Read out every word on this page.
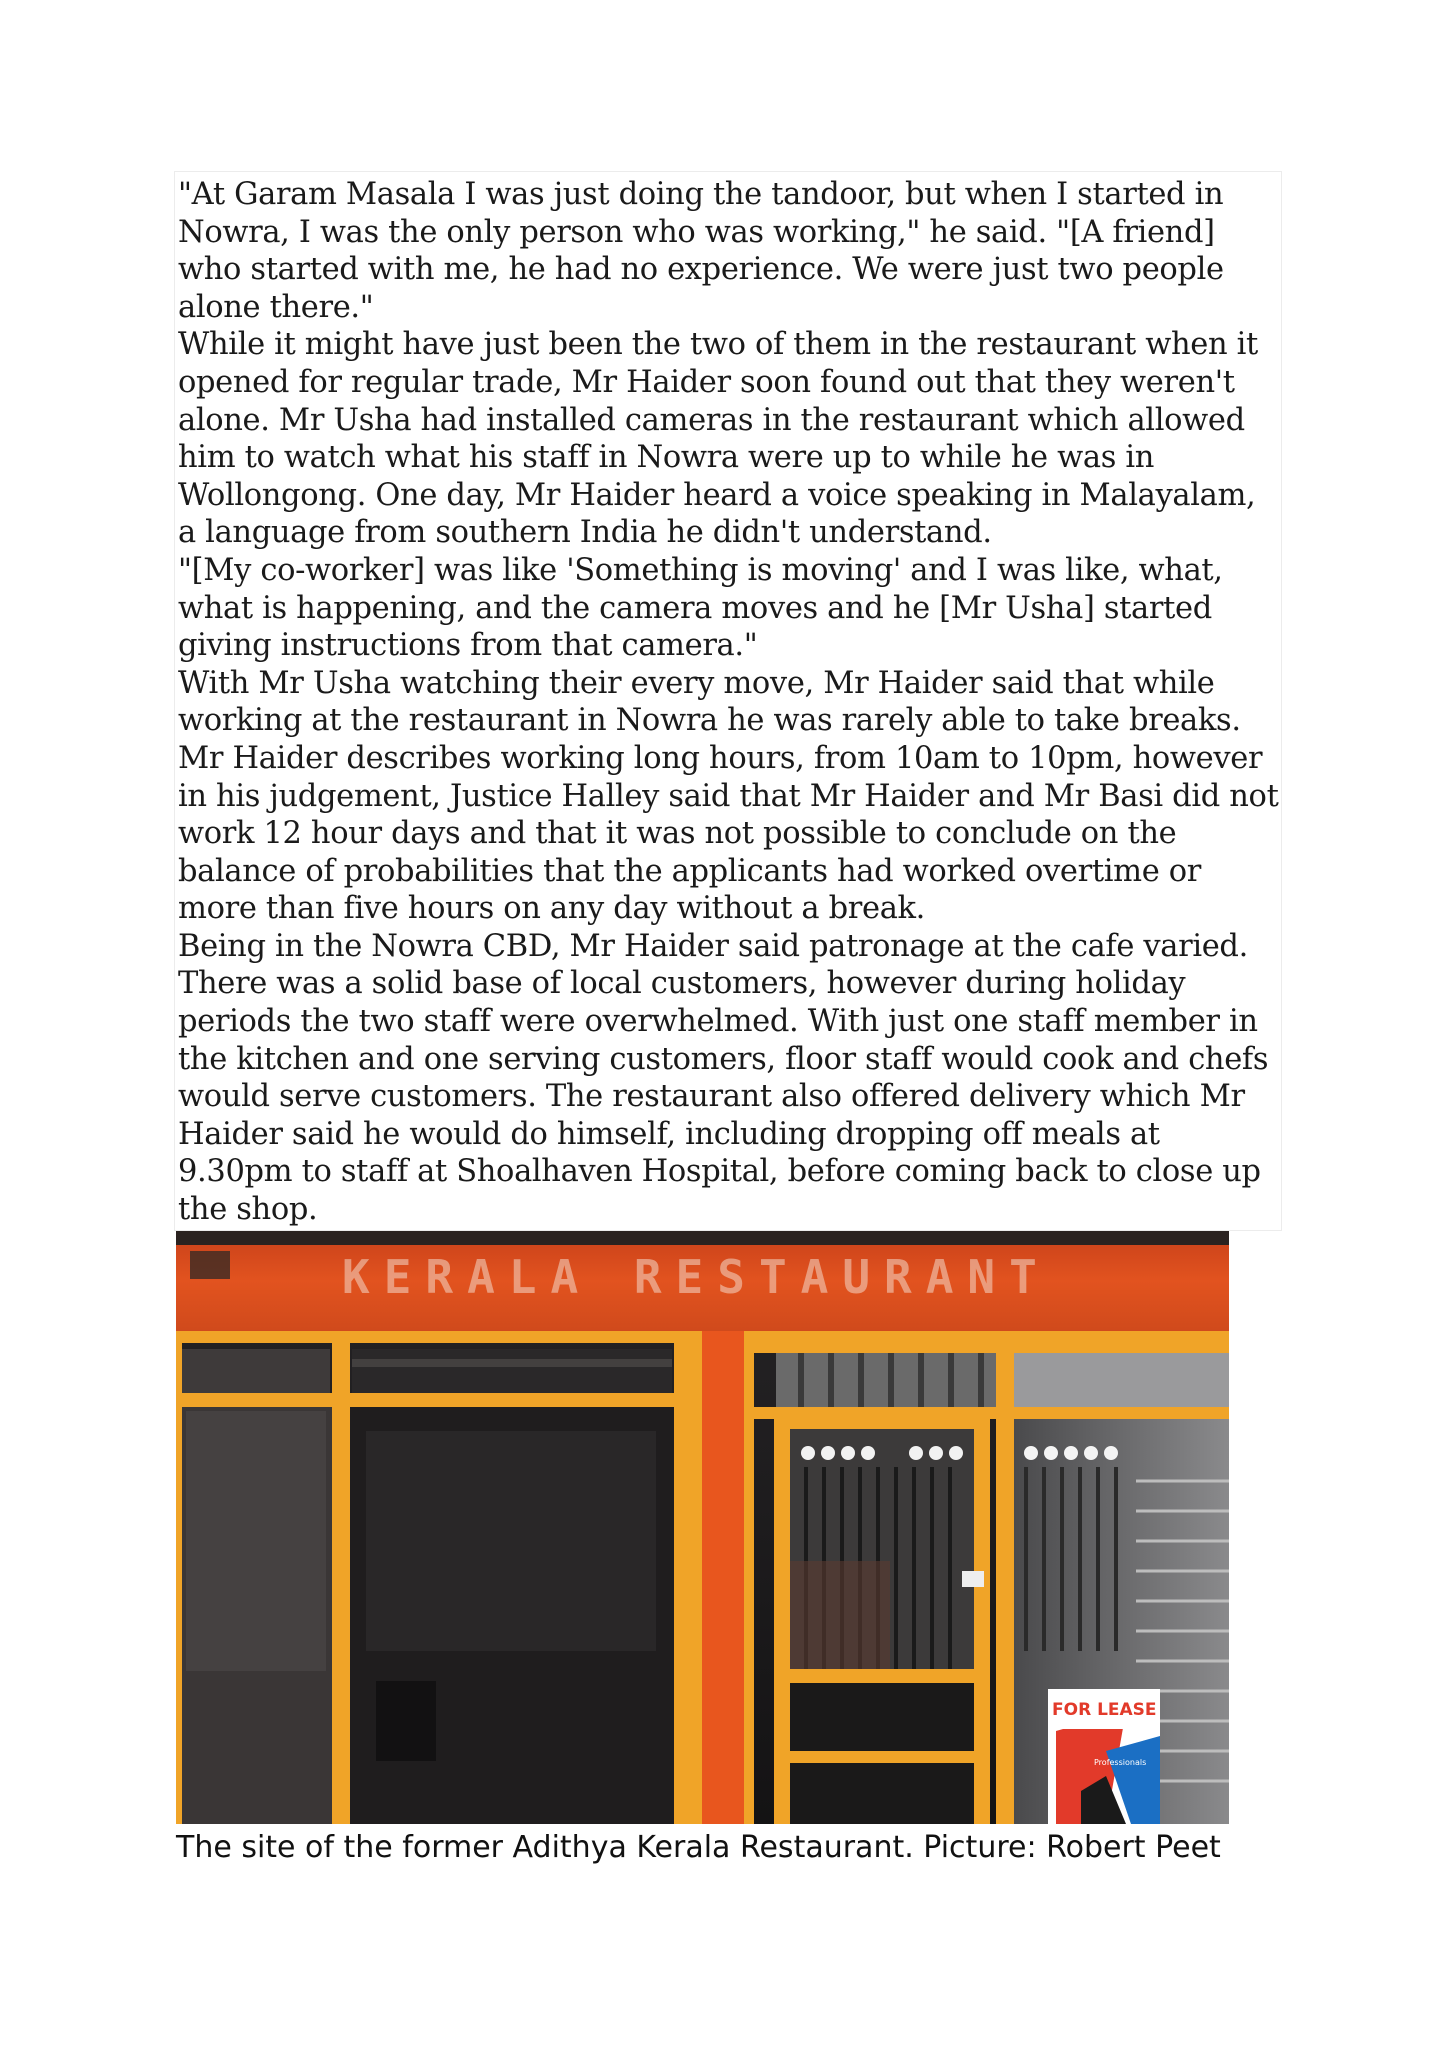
"At Garam Masala I was just doing the tandoor, but when I started in Nowra, I was the only person who was working," he said. "[A friend] who started with me, he had no experience. We were just two people alone there."

While it might have just been the two of them in the restaurant when it opened for regular trade, Mr Haider soon found out that they weren't alone. Mr Usha had installed cameras in the restaurant which allowed him to watch what his staff in Nowra were up to while he was in Wollongong. One day, Mr Haider heard a voice speaking in Malayalam, a language from southern India he didn't understand.

"[My co-worker] was like 'Something is moving' and I was like, what, what is happening, and the camera moves and he [Mr Usha] started giving instructions from that camera."

With Mr Usha watching their every move, Mr Haider said that while working at the restaurant in Nowra he was rarely able to take breaks. Mr Haider describes working long hours, from 10am to 10pm, however in his judgement, Justice Halley said that Mr Haider and Mr Basi did not work 12 hour days and that it was not possible to conclude on the balance of probabilities that the applicants had worked overtime or more than five hours on any day without a break.

Being in the Nowra CBD, Mr Haider said patronage at the cafe varied. There was a solid base of local customers, however during holiday periods the two staff were overwhelmed. With just one staff member in the kitchen and one serving customers, floor staff would cook and chefs would serve customers. The restaurant also offered delivery which Mr Haider said he would do himself, including dropping off meals at 9.30pm to staff at Shoalhaven Hospital, before coming back to close up the shop.

KERALA RESTAURANT
FOR LEASE
Professionals

The site of the former Adithya Kerala Restaurant. Picture: Robert Peet
